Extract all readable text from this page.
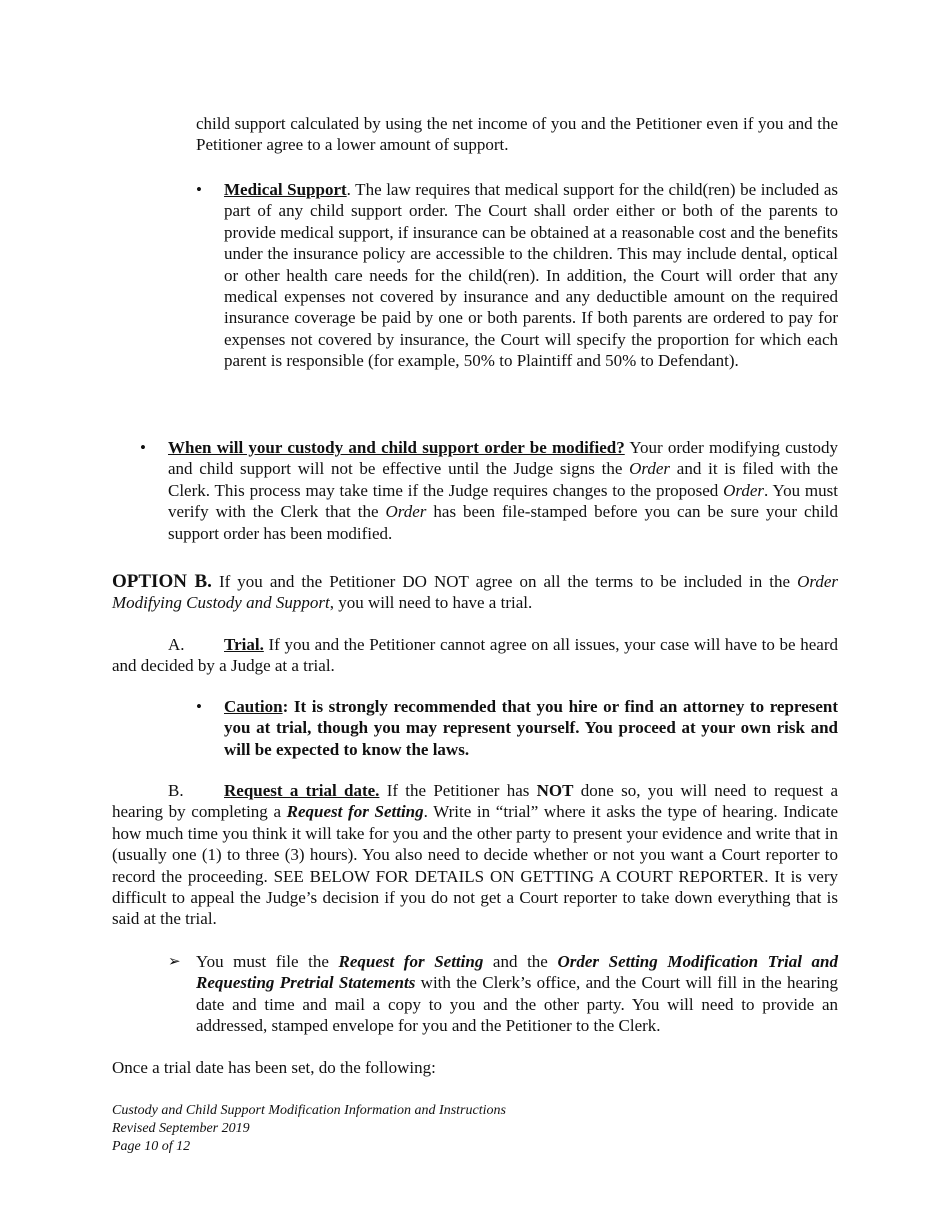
child support calculated by using the net income of you and the Petitioner even if you and the Petitioner agree to a lower amount of support.
• Medical Support. The law requires that medical support for the child(ren) be included as part of any child support order. The Court shall order either or both of the parents to provide medical support, if insurance can be obtained at a reasonable cost and the benefits under the insurance policy are accessible to the children. This may include dental, optical or other health care needs for the child(ren). In addition, the Court will order that any medical expenses not covered by insurance and any deductible amount on the required insurance coverage be paid by one or both parents. If both parents are ordered to pay for expenses not covered by insurance, the Court will specify the proportion for which each parent is responsible (for example, 50% to Plaintiff and 50% to Defendant).
• When will your custody and child support order be modified? Your order modifying custody and child support will not be effective until the Judge signs the Order and it is filed with the Clerk. This process may take time if the Judge requires changes to the proposed Order. You must verify with the Clerk that the Order has been file-stamped before you can be sure your child support order has been modified.
OPTION B. If you and the Petitioner DO NOT agree on all the terms to be included in the Order Modifying Custody and Support, you will need to have a trial.
A.	Trial. If you and the Petitioner cannot agree on all issues, your case will have to be heard and decided by a Judge at a trial.
• Caution: It is strongly recommended that you hire or find an attorney to represent you at trial, though you may represent yourself. You proceed at your own risk and will be expected to know the laws.
B.	Request a trial date. If the Petitioner has NOT done so, you will need to request a hearing by completing a Request for Setting. Write in “trial” where it asks the type of hearing. Indicate how much time you think it will take for you and the other party to present your evidence and write that in (usually one (1) to three (3) hours). You also need to decide whether or not you want a Court reporter to record the proceeding. SEE BELOW FOR DETAILS ON GETTING A COURT REPORTER. It is very difficult to appeal the Judge’s decision if you do not get a Court reporter to take down everything that is said at the trial.
➢ You must file the Request for Setting and the Order Setting Modification Trial and Requesting Pretrial Statements with the Clerk’s office, and the Court will fill in the hearing date and time and mail a copy to you and the other party. You will need to provide an addressed, stamped envelope for you and the Petitioner to the Clerk.
Once a trial date has been set, do the following:
Custody and Child Support Modification Information and Instructions
Revised September 2019
Page 10 of 12
